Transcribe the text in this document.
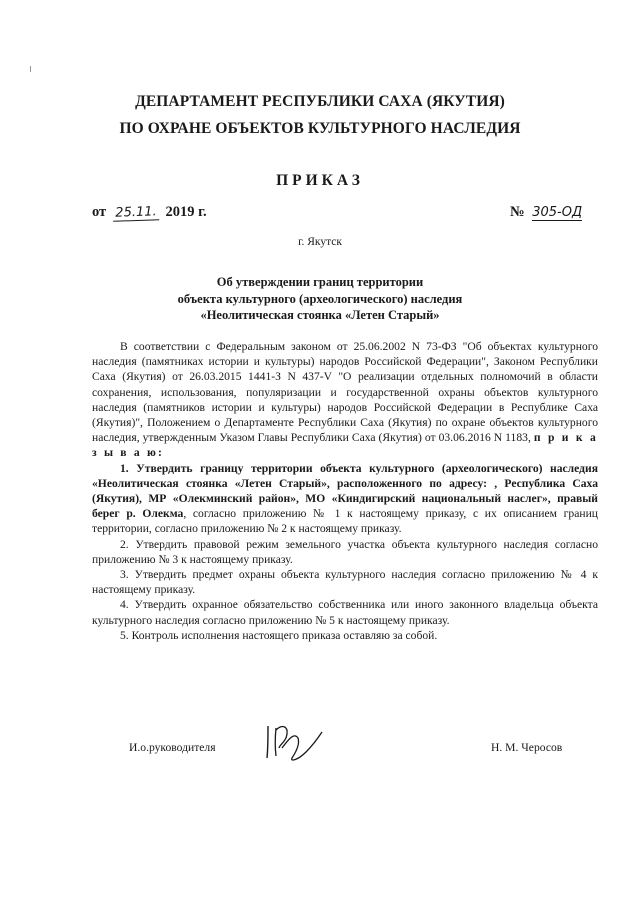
ДЕПАРТАМЕНТ РЕСПУБЛИКИ САХА (ЯКУТИЯ)
ПО ОХРАНЕ ОБЪЕКТОВ КУЛЬТУРНОГО НАСЛЕДИЯ
ПРИКАЗ
от 25.11. 2019 г.	№ 305-ОД
г. Якутск
Об утверждении границ территории
объекта культурного (археологического) наследия
«Неолитическая стоянка «Летен Старый»

В соответствии с Федеральным законом от 25.06.2002 N 73-ФЗ "Об объектах культурного наследия (памятниках истории и культуры) народов Российской Федерации", Законом Республики Саха (Якутия) от 26.03.2015 1441-З N 437-V "О реализации отдельных полномочий в области сохранения, использования, популяризации и государственной охраны объектов культурного наследия (памятников истории и культуры) народов Российской Федерации в Республике Саха (Якутия)", Положением о Департаменте Республики Саха (Якутия) по охране объектов культурного наследия, утвержденным Указом Главы Республики Саха (Якутия) от 03.06.2016 N 1183, п р и к а з ы в а ю:

1. Утвердить границу территории объекта культурного (археологического) наследия «Неолитическая стоянка «Летен Старый», расположенного по адресу: , Республика Саха (Якутия), МР «Олекминский район», МО «Киндигирский национальный наслег», правый берег р. Олекма, согласно приложению № 1 к настоящему приказу, с их описанием границ территории, согласно приложению № 2 к настоящему приказу.

2. Утвердить правовой режим земельного участка объекта культурного наследия согласно приложению № 3 к настоящему приказу.

3. Утвердить предмет охраны объекта культурного наследия согласно приложению № 4 к настоящему приказу.

4. Утвердить охранное обязательство собственника или иного законного владельца объекта культурного наследия согласно приложению № 5 к настоящему приказу.

5. Контроль исполнения настоящего приказа оставляю за собой.

И.о.руководителя	Н. М. Черосов
